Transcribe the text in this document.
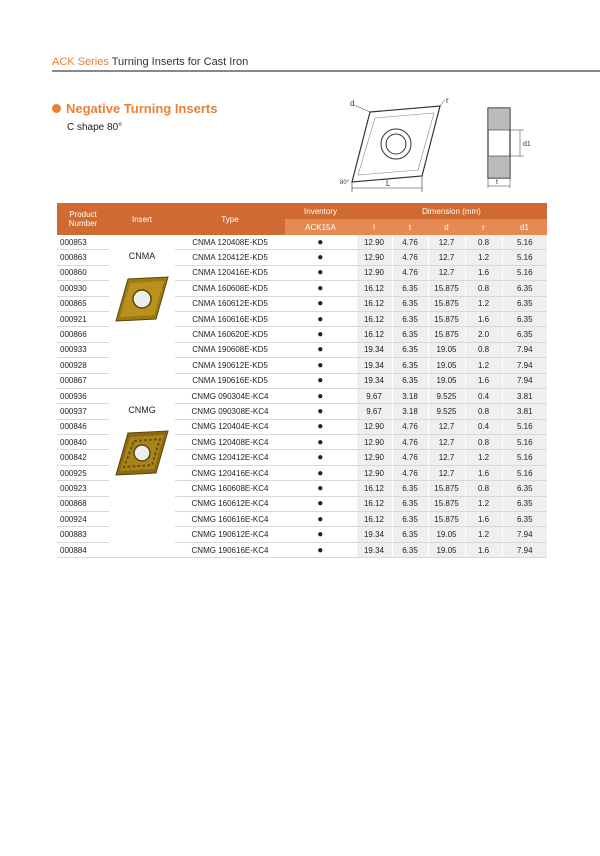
ACK Series Turning Inserts for Cast Iron
Negative Turning Inserts
C shape 80°
d	r
L
80°
d1
t
Product Number	Insert	Type	Inventory	Dimension (mm)				
			ACK15A	l	t	d	r	d1
000853	CNMA	CNMA 120408E-KD5	●	12.90	4.76	12.7	0.8	5.16
000863		CNMA 120412E-KD5	●	12.90	4.76	12.7	1.2	5.16
000860		CNMA 120416E-KD5	●	12.90	4.76	12.7	1.6	5.16
000930		CNMA 160608E-KD5	●	16.12	6.35	15.875	0.8	6.35
000865		CNMA 160612E-KD5	●	16.12	6.35	15.875	1.2	6.35
000921		CNMA 160616E-KD5	●	16.12	6.35	15.875	1.6	6.35
000866		CNMA 160620E-KD5	●	16.12	6.35	15.875	2.0	6.35
000933		CNMA 190608E-KD5	●	19.34	6.35	19.05	0.8	7.94
000928		CNMA 190612E-KD5	●	19.34	6.35	19.05	1.2	7.94
000867		CNMA 190616E-KD5	●	19.34	6.35	19.05	1.6	7.94
000936	CNMG	CNMG 090304E-KC4	●	9.67	3.18	9.525	0.4	3.81
000937		CNMG 090308E-KC4	●	9.67	3.18	9.525	0.8	3.81
000846		CNMG 120404E-KC4	●	12.90	4.76	12.7	0.4	5.16
000840		CNMG 120408E-KC4	●	12.90	4.76	12.7	0.8	5.16
000842		CNMG 120412E-KC4	●	12.90	4.76	12.7	1.2	5.16
000925		CNMG 120416E-KC4	●	12.90	4.76	12.7	1.6	5.16
000923		CNMG 160608E-KC4	●	16.12	6.35	15.875	0.8	6.35
000868		CNMG 160612E-KC4	●	16.12	6.35	15.875	1.2	6.35
000924		CNMG 160616E-KC4	●	16.12	6.35	15.875	1.6	6.35
000883		CNMG 190612E-KC4	●	19.34	6.35	19.05	1.2	7.94
000884		CNMG 190616E-KC4	●	19.34	6.35	19.05	1.6	7.94
